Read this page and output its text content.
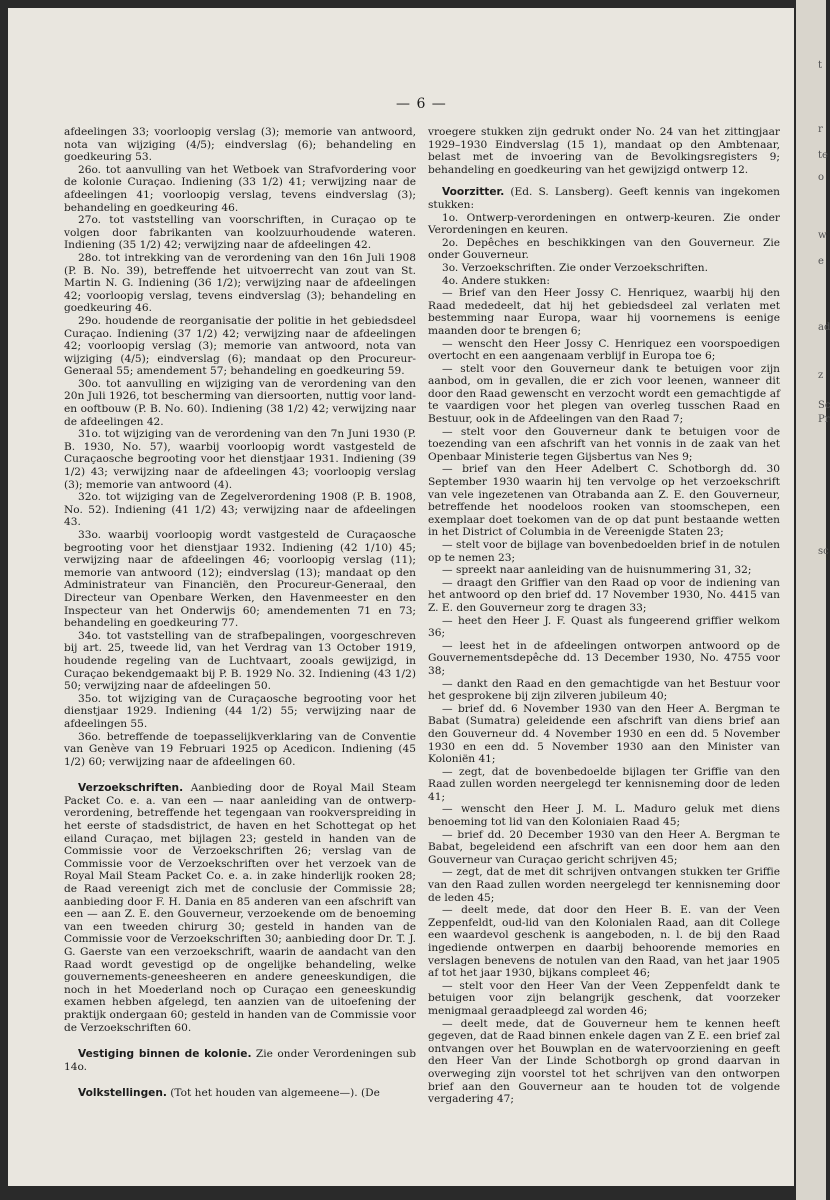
— 6 —

afdeelingen 33; voorloopig verslag (3); memorie van antwoord, nota van wijziging (4/5); eindverslag (6); behandeling en goedkeuring 53.

26o. tot aanvulling van het Wetboek van Strafvordering voor de kolonie Curaçao. Indiening (33 1/2) 41; verwijzing naar de afdeelingen 41; voorloopig verslag, tevens eindverslag (3); behandeling en goedkeuring 46.

27o. tot vaststelling van voorschriften, in Curaçao op te volgen door fabrikanten van koolzuurhoudende wateren. Indiening (35 1/2) 42; verwijzing naar de afdeelingen 42.

28o. tot intrekking van de verordening van den 16n Juli 1908 (P. B. No. 39), betreffende het uitvoerrecht van zout van St. Martin N. G. Indiening (36 1/2); verwijzing naar de afdeelingen 42; voorloopig verslag, tevens eindverslag (3); behandeling en goedkeuring 46.

29o. houdende de reorganisatie der politie in het gebiedsdeel Curaçao. Indiening (37 1/2) 42; verwijzing naar de afdeelingen 42; voorloopig verslag (3); memorie van antwoord, nota van wijziging (4/5); eindverslag (6); mandaat op den Procureur-Generaal 55; amendement 57; behandeling en goedkeuring 59.

30o. tot aanvulling en wijziging van de verordening van den 20n Juli 1926, tot bescherming van diersoorten, nuttig voor land- en ooftbouw (P. B. No. 60). Indiening (38 1/2) 42; verwijzing naar de afdeelingen 42.

31o. tot wijziging van de verordening van den 7n Juni 1930 (P. B. 1930, No. 57), waarbij voorloopig wordt vastgesteld de Curaçaosche begrooting voor het dienstjaar 1931. Indiening (39 1/2) 43; verwijzing naar de afdeelingen 43; voorloopig verslag (3); memorie van antwoord (4).

32o. tot wijziging van de Zegelverordening 1908 (P. B. 1908, No. 52). Indiening (41 1/2) 43; verwijzing naar de afdeelingen 43.

33o. waarbij voorloopig wordt vastgesteld de Curaçaosche begrooting voor het dienstjaar 1932. Indiening (42 1/10) 45; verwijzing naar de afdeelingen 46; voorloopig verslag (11); memorie van antwoord (12); eindverslag (13); mandaat op den Administrateur van Financiën, den Procureur-Generaal, den Directeur van Openbare Werken, den Havenmeester en den Inspecteur van het Onderwijs 60; amendementen 71 en 73; behandeling en goedkeuring 77.

34o. tot vaststelling van de strafbepalingen, voorgeschreven bij art. 25, tweede lid, van het Verdrag van 13 October 1919, houdende regeling van de Luchtvaart, zooals gewijzigd, in Curaçao bekendgemaakt bij P. B. 1929 No. 32. Indiening (43 1/2) 50; verwijzing naar de afdeelingen 50.

35o. tot wijziging van de Curaçaosche begrooting voor het dienstjaar 1929. Indiening (44 1/2) 55; verwijzing naar de afdeelingen 55.

36o. betreffende de toepasselijkverklaring van de Conventie van Genève van 19 Februari 1925 op Acedicon. Indiening (45 1/2) 60; verwijzing naar de afdeelingen 60.

Verzoekschriften. Aanbieding door de Royal Mail Steam Packet Co. e. a. van een — naar aanleiding van de ontwerp-verordening, betreffende het tegengaan van rookverspreiding in het eerste of stadsdistrict, de haven en het Schottegat op het eiland Curaçao, met bijlagen 23; gesteld in handen van de Commissie voor de Verzoekschriften 26; verslag van de Commissie voor de Verzoekschriften over het verzoek van de Royal Mail Steam Packet Co. e. a. in zake hinderlijk rooken 28; de Raad vereenigt zich met de conclusie der Commissie 28; aanbieding door F. H. Dania en 85 anderen van een afschrift van een — aan Z. E. den Gouverneur, verzoekende om de benoeming van een tweeden chirurg 30; gesteld in handen van de Commissie voor de Verzoekschriften 30; aanbieding door Dr. T. J. G. Gaerste van een verzoekschrift, waarin de aandacht van den Raad wordt gevestigd op de ongelijke behandeling, welke gouvernements-geneesheeren en andere geneeskundigen, die noch in het Moederland noch op Curaçao een geneeskundig examen hebben afgelegd, ten aanzien van de uitoefening der praktijk ondergaan 60; gesteld in handen van de Commissie voor de Verzoekschriften 60.

Vestiging binnen de kolonie. Zie onder Verordeningen sub 14o.

Volkstellingen. (Tot het houden van algemeene—). (De

vroegere stukken zijn gedrukt onder No. 24 van het zittingjaar 1929–1930 Eindverslag (15 1), mandaat op den Ambtenaar, belast met de invoering van de Bevolkingsregisters 9; behandeling en goedkeuring van het gewijzigd ontwerp 12.

Voorzitter. (Ed. S. Lansberg). Geeft kennis van ingekomen stukken:

1o. Ontwerp-verordeningen en ontwerp-keuren. Zie onder Verordeningen en keuren.

2o. Depêches en beschikkingen van den Gouverneur. Zie onder Gouverneur.

3o. Verzoekschriften. Zie onder Verzoekschriften.

4o. Andere stukken:

— Brief van den Heer Jossy C. Henriquez, waarbij hij den Raad mededeelt, dat hij het gebiedsdeel zal verlaten met bestemming naar Europa, waar hij voornemens is eenige maanden door te brengen 6;

— wenscht den Heer Jossy C. Henriquez een voorspoedigen overtocht en een aangenaam verblijf in Europa toe 6;

— stelt voor den Gouverneur dank te betuigen voor zijn aanbod, om in gevallen, die er zich voor leenen, wanneer dit door den Raad gewenscht en verzocht wordt een gemachtigde af te vaardigen voor het plegen van overleg tusschen Raad en Bestuur, ook in de Afdeelingen van den Raad 7;

— stelt voor den Gouverneur dank te betuigen voor de toezending van een afschrift van het vonnis in de zaak van het Openbaar Ministerie tegen Gijsbertus van Nes 9;

— brief van den Heer Adelbert C. Schotborgh dd. 30 September 1930 waarin hij ten vervolge op het verzoekschrift van vele ingezetenen van Otrabanda aan Z. E. den Gouverneur, betreffende het noodeloos rooken van stoomschepen, een exemplaar doet toekomen van de op dat punt bestaande wetten in het District of Columbia in de Vereenigde Staten 23;

— stelt voor de bijlage van bovenbedoelden brief in de notulen op te nemen 23;

— spreekt naar aanleiding van de huisnummering 31, 32;

— draagt den Griffier van den Raad op voor de indiening van het antwoord op den brief dd. 17 November 1930, No. 4415 van Z. E. den Gouverneur zorg te dragen 33;

— heet den Heer J. F. Quast als fungeerend griffier welkom 36;

— leest het in de afdeelingen ontworpen antwoord op de Gouvernementsdepêche dd. 13 December 1930, No. 4755 voor 38;

— dankt den Raad en den gemachtigde van het Bestuur voor het gesprokene bij zijn zilveren jubileum 40;

— brief dd. 6 November 1930 van den Heer A. Bergman te Babat (Sumatra) geleidende een afschrift van diens brief aan den Gouverneur dd. 4 November 1930 en een dd. 5 November 1930 en een dd. 5 November 1930 aan den Minister van Koloniën 41;

— zegt, dat de bovenbedoelde bijlagen ter Griffie van den Raad zullen worden neergelegd ter kennisneming door de leden 41;

— wenscht den Heer J. M. L. Maduro geluk met diens benoeming tot lid van den Koloniaien Raad 45;

— brief dd. 20 December 1930 van den Heer A. Bergman te Babat, begeleidend een afschrift van een door hem aan den Gouverneur van Curaçao gericht schrijven 45;

— zegt, dat de met dit schrijven ontvangen stukken ter Griffie van den Raad zullen worden neergelegd ter kennisneming door de leden 45;

— deelt mede, dat door den Heer B. E. van der Veen Zeppenfeldt, oud-lid van den Kolonialen Raad, aan dit College een waardevol geschenk is aangeboden, n. l. de bij den Raad ingediende ontwerpen en daarbij behoorende memories en verslagen benevens de notulen van den Raad, van het jaar 1905 af tot het jaar 1930, bijkans compleet 46;

— stelt voor den Heer Van der Veen Zeppenfeldt dank te betuigen voor zijn belangrijk geschenk, dat voorzeker menigmaal geraadpleegd zal worden 46;

— deelt mede, dat de Gouverneur hem te kennen heeft gegeven, dat de Raad binnen enkele dagen van Z E. een brief zal ontvangen over het Bouwplan en de watervoorziening en geeft den Heer Van der Linde Schotborgh op grond daarvan in overweging zijn voorstel tot het schrijven van den ontworpen brief aan den Gouverneur aan te houden tot de volgende vergadering 47;

t
r
te
o
w
e
ad
z
Sc
Pr
sc
